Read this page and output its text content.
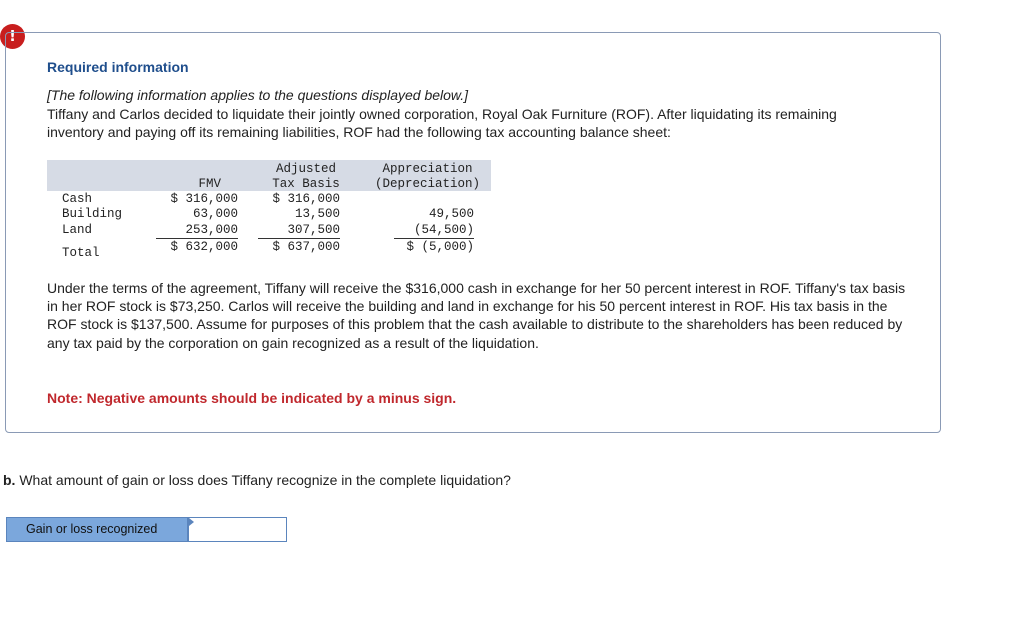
!
Required information
[The following information applies to the questions displayed below.]
Tiffany and Carlos decided to liquidate their jointly owned corporation, Royal Oak Furniture (ROF). After liquidating its remaining inventory and paying off its remaining liabilities, ROF had the following tax accounting balance sheet:
FMV
Adjusted
Tax Basis
Appreciation
(Depreciation)
Cash	$ 316,000	$ 316,000
Building	63,000	13,500	49,500
Land	253,000	307,500	(54,500)
Total	$ 632,000	$ 637,000	$ (5,000)
Under the terms of the agreement, Tiffany will receive the $316,000 cash in exchange for her 50 percent interest in ROF. Tiffany's tax basis in her ROF stock is $73,250. Carlos will receive the building and land in exchange for his 50 percent interest in ROF. His tax basis in the ROF stock is $137,500. Assume for purposes of this problem that the cash available to distribute to the shareholders has been reduced by any tax paid by the corporation on gain recognized as a result of the liquidation.
Note: Negative amounts should be indicated by a minus sign.
b. What amount of gain or loss does Tiffany recognize in the complete liquidation?
Gain or loss recognized
